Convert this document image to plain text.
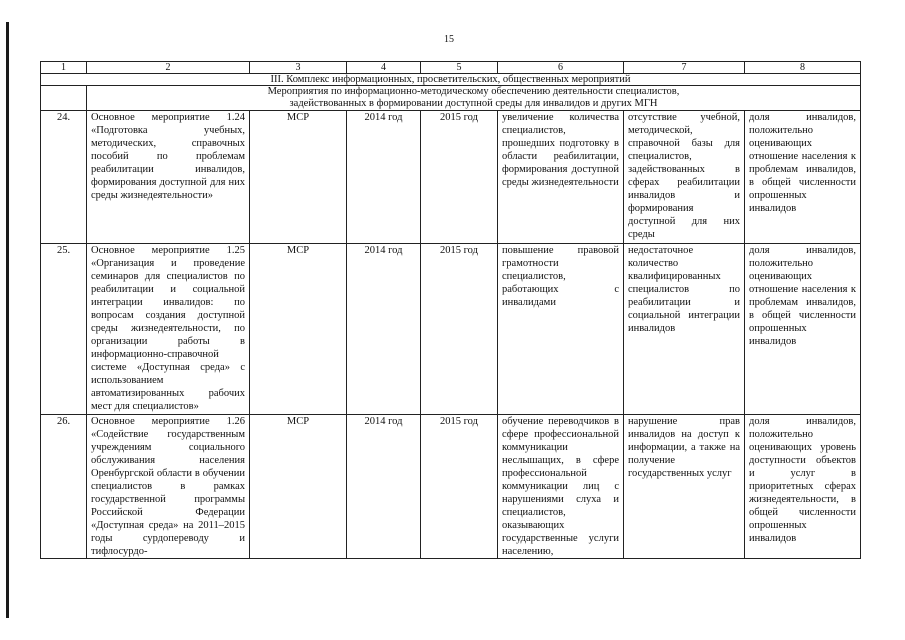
15
1	2	3	4	5	6	7	8
III. Комплекс информационных, просветительских, общественных мероприятий							

	Мероприятия по информационно-методическому обеспечению деятельности специалистов,
задействованных в формировании доступной среды для инвалидов и других МГН						

24.	Основное мероприятие 1.24 «Подготовка учебных, методических, справочных пособий по проблемам реабилитации инвалидов, формирования доступной для них среды жизнедеятельности»	МСР	2014 год	2015 год	увеличение количества специалистов, прошедших подготовку в области реабилитации, формирования доступной среды жизнедеятельности	отсутствие учебной, методической, справочной базы для специалистов, задействованных в сферах реабилитации инвалидов и формирования доступной для них среды	доля инвалидов, положительно оценивающих отношение населения к проблемам инвалидов, в общей численности опрошенных инвалидов
25.	Основное мероприятие 1.25 «Организация и проведение семинаров для специалистов по реабилитации и социальной интеграции инвалидов: по вопросам создания доступной среды жизнедеятельности, по организации работы в информационно-справочной системе «Доступная среда» с использованием автоматизированных рабочих мест для специалистов»	МСР	2014 год	2015 год	повышение правовой грамотности специалистов, работающих с инвалидами	недостаточное количество квалифицированных специалистов по реабилитации и социальной интеграции инвалидов	доля инвалидов, положительно оценивающих отношение населения к проблемам инвалидов, в общей численности опрошенных инвалидов
26.	Основное мероприятие 1.26 «Содействие государственным учреждениям социального обслуживания населения Оренбургской области в обучении специалистов в рамках государственной программы Российской Федерации «Доступная среда» на 2011–2015 годы сурдопереводу и тифлосурдо-	МСР	2014 год	2015 год	обучение переводчиков в сфере профессиональной коммуникации неслышащих, в сфере профессиональной коммуникации лиц с нарушениями слуха и специалистов, оказывающих государственные услуги населению,	нарушение прав инвалидов на доступ к информации, а также на получение государственных услуг	доля инвалидов, положительно оценивающих уровень доступности объектов и услуг в приоритетных сферах жизнедеятельности, в общей численности опрошенных инвалидов
